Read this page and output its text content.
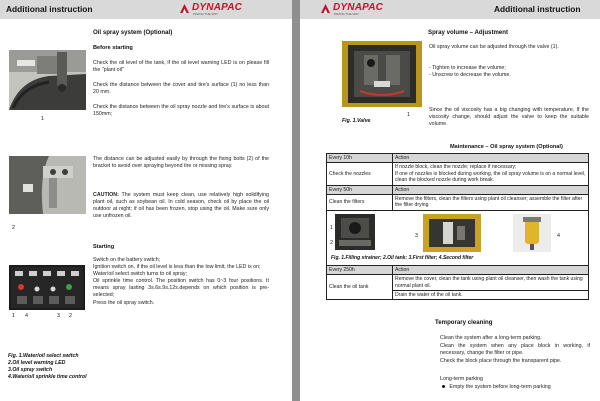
Additional instruction	DYNAPAC
PAVING THE WAY
Oil spray system (Optional)
Before starting
1
Check the oil level of the tank, if the oil level warning LED is on please fill the "plant oil"
Check the distance between the cover and tire's surface (1) no less than 20 mm.
Check the distance between the oil spray nozzle and tire's surface is about 150mm;
2
The distance can be adjusted easily by through the fixing bolts (2) of the bracket to avoid over spraying beyond tire or missing spray.
CAUTION: The system must keep clean, use relatively high solidifying plant oil, such as soybean oil. In cold season, check oil by place the oil outdoor at night; if oil has been frozen, stop using the oil. Make sure only use unfrozen oil.
Starting
1 4	3 2
Switch on the battery switch;
Ignition switch on, if the oil level is less than the low limit, the LED is on;
Water/oil select switch turns to oil spray;
Oil sprinkle time control. The position switch has 0~3 four positions. It means spray lasting 3s.6s.9s.12s.depends on which position is pre-selected;
Press the oil spray switch.
Fig. 1.Water/oil select switch
2.Oil level warning LED
3.Oil spray switch
4.Water/oil sprinkle time control
DYNAPAC
PAVING THE WAY	Additional instruction
1
Fig. 1.Valve
Spray volume – Adjustment
Oil spray volume can be adjusted through the valve (1).
- Tighten to increase the volume;
- Unscrew to decrease the volume.
Since the oil viscosity has a big changing with temperature, If the viscosity change, should adjust the valve to keep the suitable volume.
Maintenance – Oil spray system (Optional)
Every 10h	Action
Check the nozzles	If nozzle block, clean the nozzle; replace if necessary;
If one of nozzles is blocked during working, the oil spray volume is on a normal level, clean the blocked nozzle during work break.

Every 50h	Action
Clean the filters	Remove the filters, clean the filters using plant oil cleanser; assemble the filter after the filter drying

1
2
3 4
Fig. 1.Filling strainer; 2.Oil tank; 3.First filter; 4.Second filter	

Every 250h	Action
Clean the oil tank	Remove the cover, clean the tank using plant oil cleanser, then wash the tank using normal plant oil.
	Drain the water of the oil tank.
Temporary cleaning
Clean the system after a long-term parking.
Clean the system when any place block in working, if necessary, change the filter or pipe.
Check the block place through the transparent pipe.
Long-term parking
Empty the system before long-term parking
